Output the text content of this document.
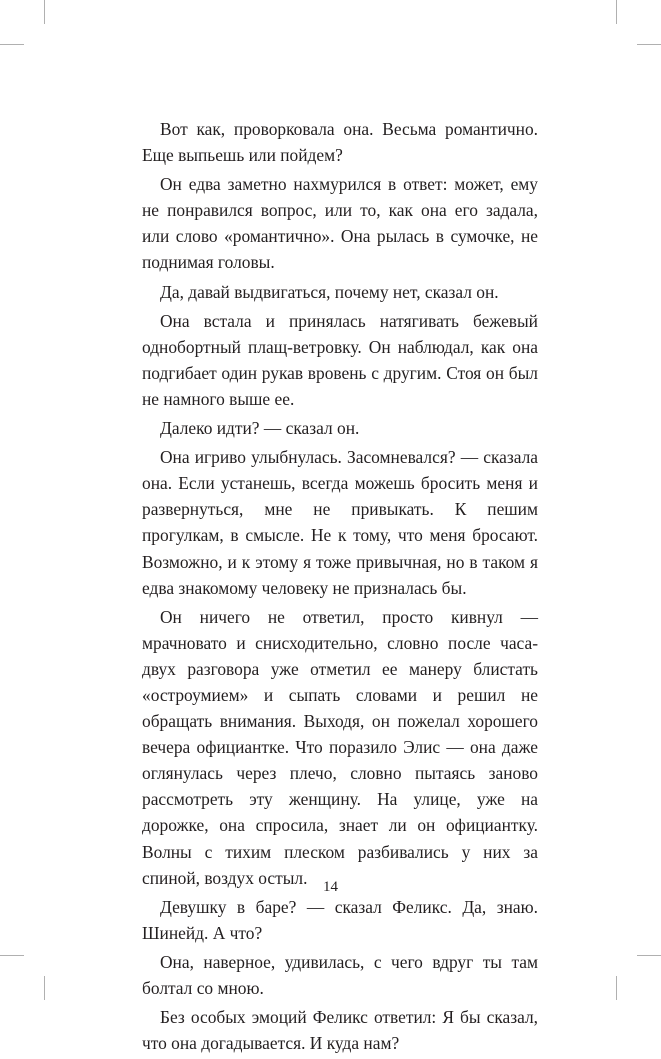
Вот как, проворковала она. Весьма романтично. Еще выпьешь или пойдем?

Он едва заметно нахмурился в ответ: может, ему не понравился вопрос, или то, как она его задала, или слово «романтично». Она рылась в сумочке, не поднимая головы.

Да, давай выдвигаться, почему нет, сказал он.

Она встала и принялась натягивать бежевый однобортный плащ-ветровку. Он наблюдал, как она подгибает один рукав вровень с другим. Стоя он был не намного выше ее.

Далеко идти? — сказал он.

Она игриво улыбнулась. Засомневался? — сказала она. Если устанешь, всегда можешь бросить меня и развернуться, мне не привыкать. К пешим прогулкам, в смысле. Не к тому, что меня бросают. Возможно, и к этому я тоже привычная, но в таком я едва знакомому человеку не призналась бы.

Он ничего не ответил, просто кивнул — мрачновато и снисходительно, словно после часа-двух разговора уже отметил ее манеру блистать «остроумием» и сыпать словами и решил не обращать внимания. Выходя, он пожелал хорошего вечера официантке. Что поразило Элис — она даже оглянулась через плечо, словно пытаясь заново рассмотреть эту женщину. На улице, уже на дорожке, она спросила, знает ли он официантку. Волны с тихим плеском разбивались у них за спиной, воздух остыл.

Девушку в баре? — сказал Феликс. Да, знаю. Шинейд. А что?

Она, наверное, удивилась, с чего вдруг ты там болтал со мною.

Без особых эмоций Феликс ответил: Я бы сказал, что она догадывается. И куда нам?

14
